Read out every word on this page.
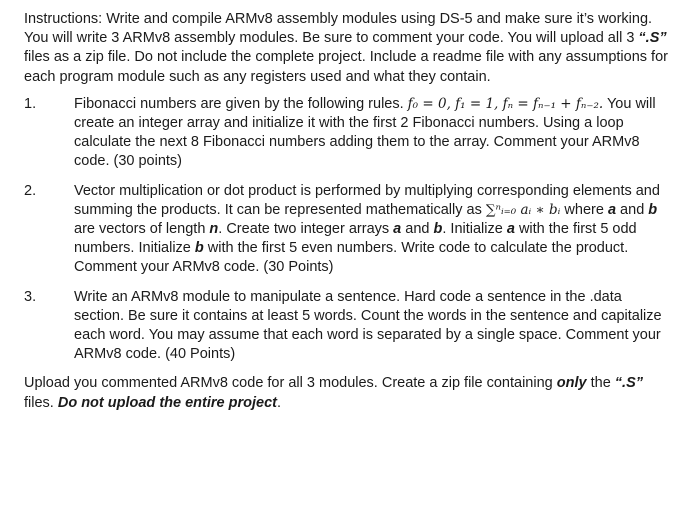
Instructions: Write and compile ARMv8 assembly modules using DS-5 and make sure it’s working. You will write 3 ARMv8 assembly modules. Be sure to comment your code. You will upload all 3 “.S” files as a zip file. Do not include the complete project. Include a readme file with any assumptions for each program module such as any registers used and what they contain.

1.	Fibonacci numbers are given by the following rules. f₀ = 0, f₁ = 1, fₙ = fₙ₋₁ + fₙ₋₂. You will create an integer array and initialize it with the first 2 Fibonacci numbers. Using a loop calculate the next 8 Fibonacci numbers adding them to the array. Comment your ARMv8 code. (30 points)
2.	Vector multiplication or dot product is performed by multiplying corresponding elements and summing the products. It can be represented mathematically as ∑ⁿᵢ₌₀ aᵢ ∗ bᵢ where a and b are vectors of length n. Create two integer arrays a and b. Initialize a with the first 5 odd numbers. Initialize b with the first 5 even numbers. Write code to calculate the product. Comment your ARMv8 code. (30 Points)
3.	Write an ARMv8 module to manipulate a sentence. Hard code a sentence in the .data section. Be sure it contains at least 5 words. Count the words in the sentence and capitalize each word. You may assume that each word is separated by a single space. Comment your ARMv8 code. (40 Points)

Upload you commented ARMv8 code for all 3 modules. Create a zip file containing only the “.S” files. Do not upload the entire project.
